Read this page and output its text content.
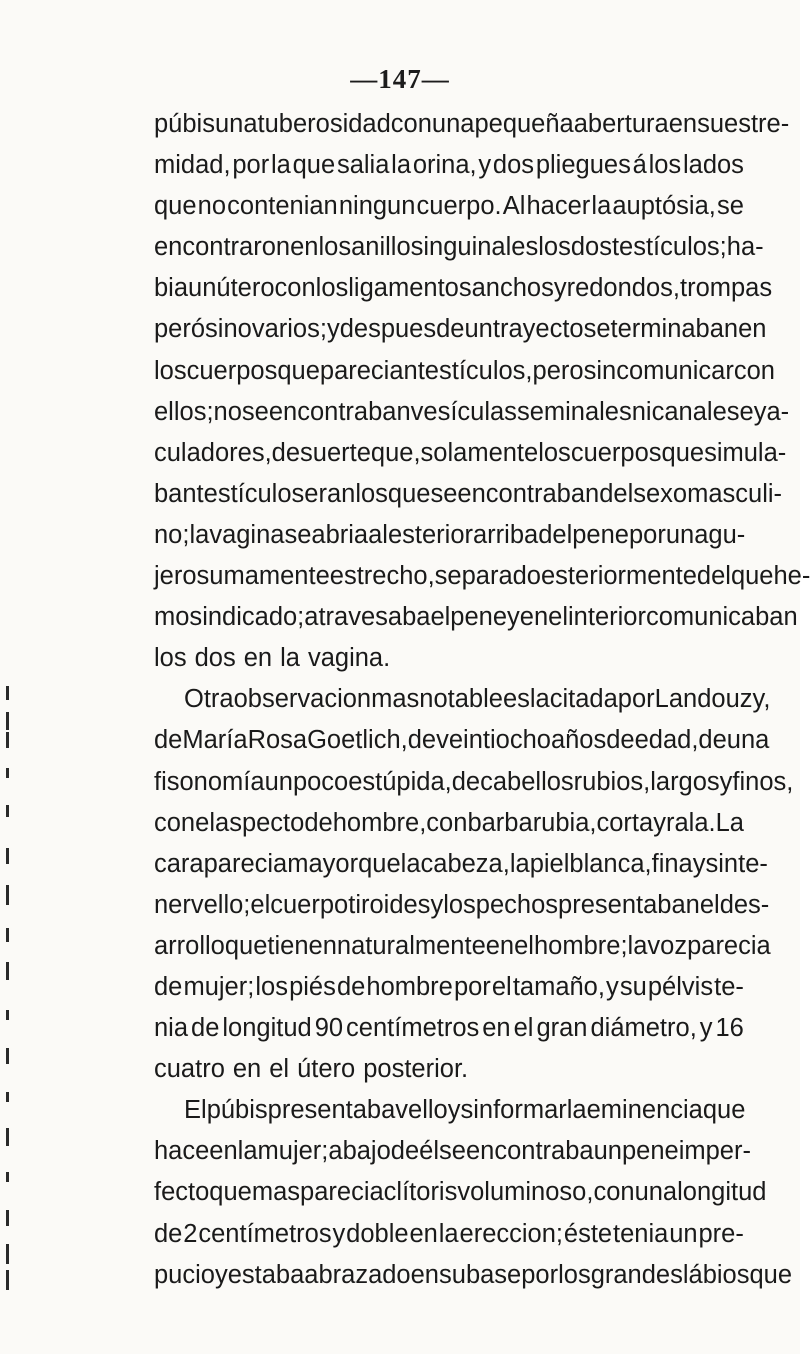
—147—
púbis una tuberosidad con una pequeña abertura en su estre-
midad, por la que salia la orina, y dos pliegues á los lados
que no contenian ningun cuerpo. Al hacer la auptósia, se
encontraron en los anillos inguinales los dos testículos; ha-
bia un útero con los ligamentos anchos y redondos, trompas
peró sin ovarios; y despues de un trayecto se terminaban en
los cuerpos que parecian testículos, pero sin comunicar con
ellos; no se encontraban vesículas seminales ni canales eya-
culadores, de suerte que, solamente los cuerpos que simula-
ban testículos eran los que se encontraban del sexo masculi-
no; la vagina se abria al esterior arriba del pene por un agu-
jero sumamente estrecho, separado esteriormente del que he-
mos indicado; atravesaba el pene y en el interior comunicaban
los dos en la vagina.
Otra observacion mas notable es la citada por Landouzy,
de María Rosa Goetlich, de veintiocho años de edad, de una
fisonomía un poco estúpida, de cabellos rubios, largos y finos,
con el aspecto de hombre, con barba rubia, corta y rala. La
cara parecia mayor que la cabeza, la piel blanca, fina y sin te-
ner vello; el cuerpo tiroides y los pechos presentaban el des-
arrollo que tienen naturalmente en el hombre; la voz parecia
de mujer; los piés de hombre por el tamaño, y su pélvis te-
nia de longitud 90 centímetros en el gran diámetro, y 16
cuatro en el útero posterior.
El púbis presentaba vello y sin formar la eminencia que
hace en la mujer; abajo de él se encontraba un pene imper-
fecto que mas parecia clítoris voluminoso, con una longitud
de 2 centímetros y doble en la ereccion; éste tenia un pre-
pucio y estaba abrazado en su base por los grandes lábios que
